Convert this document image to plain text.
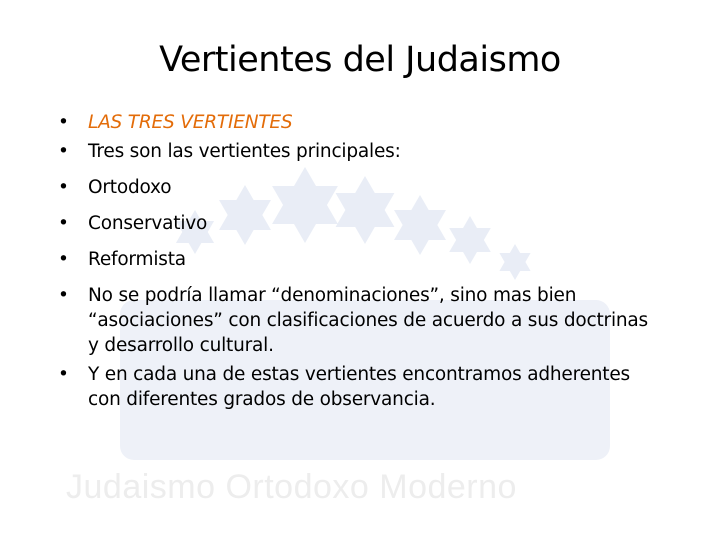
Judaismo Ortodoxo Moderno
Vertientes del Judaismo
• LAS TRES VERTIENTES
• Tres son las vertientes principales:
• Ortodoxo
• Conservativo
• Reformista
• No se podría llamar “denominaciones”, sino mas bien “asociaciones” con clasificaciones de acuerdo a sus doctrinas y desarrollo cultural.
• Y en cada una de estas vertientes encontramos adherentes con diferentes grados de observancia.
